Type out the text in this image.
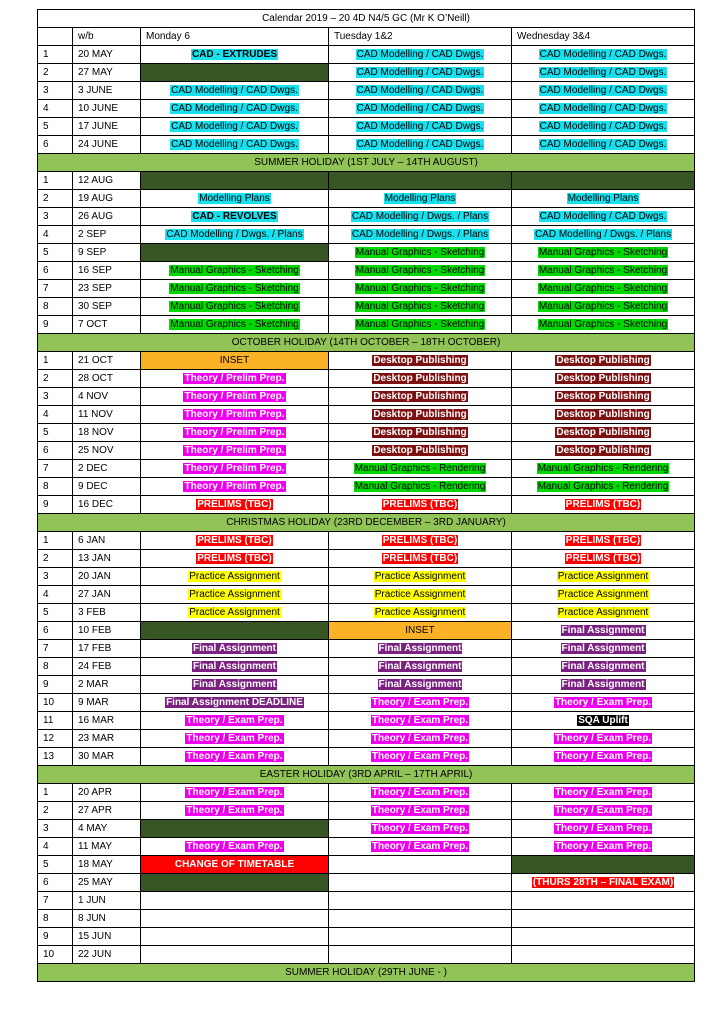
Calendar 2019 – 20 4D N4/5 GC (Mr K O’Neill)				
	w/b	Monday 6	Tuesday 1&2	Wednesday 3&4
1	20 MAY	CAD - EXTRUDES	CAD Modelling / CAD Dwgs.	CAD Modelling / CAD Dwgs.
2	27 MAY		CAD Modelling / CAD Dwgs.	CAD Modelling / CAD Dwgs.
3	3 JUNE	CAD Modelling / CAD Dwgs.	CAD Modelling / CAD Dwgs.	CAD Modelling / CAD Dwgs.
4	10 JUNE	CAD Modelling / CAD Dwgs.	CAD Modelling / CAD Dwgs.	CAD Modelling / CAD Dwgs.
5	17 JUNE	CAD Modelling / CAD Dwgs.	CAD Modelling / CAD Dwgs.	CAD Modelling / CAD Dwgs.
6	24 JUNE	CAD Modelling / CAD Dwgs.	CAD Modelling / CAD Dwgs.	CAD Modelling / CAD Dwgs.
SUMMER HOLIDAY (1ST JULY – 14TH AUGUST)				
1	12 AUG			
2	19 AUG	Modelling Plans	Modelling Plans	Modelling Plans
3	26 AUG	CAD - REVOLVES	CAD Modelling / Dwgs. / Plans	CAD Modelling / CAD Dwgs.
4	2 SEP	CAD Modelling / Dwgs. / Plans	CAD Modelling / Dwgs. / Plans	CAD Modelling / Dwgs. / Plans
5	9 SEP		Manual Graphics - Sketching	Manual Graphics - Sketching
6	16 SEP	Manual Graphics - Sketching	Manual Graphics - Sketching	Manual Graphics - Sketching
7	23 SEP	Manual Graphics - Sketching	Manual Graphics - Sketching	Manual Graphics - Sketching
8	30 SEP	Manual Graphics - Sketching	Manual Graphics - Sketching	Manual Graphics - Sketching
9	7 OCT	Manual Graphics - Sketching	Manual Graphics - Sketching	Manual Graphics - Sketching
OCTOBER HOLIDAY (14TH OCTOBER – 18TH OCTOBER)				
1	21 OCT	INSET	Desktop Publishing	Desktop Publishing
2	28 OCT	Theory / Prelim Prep.	Desktop Publishing	Desktop Publishing
3	4 NOV	Theory / Prelim Prep.	Desktop Publishing	Desktop Publishing
4	11 NOV	Theory / Prelim Prep.	Desktop Publishing	Desktop Publishing
5	18 NOV	Theory / Prelim Prep.	Desktop Publishing	Desktop Publishing
6	25 NOV	Theory / Prelim Prep.	Desktop Publishing	Desktop Publishing
7	2 DEC	Theory / Prelim Prep.	Manual Graphics - Rendering	Manual Graphics - Rendering
8	9 DEC	Theory / Prelim Prep.	Manual Graphics - Rendering	Manual Graphics - Rendering
9	16 DEC	PRELIMS (TBC)	PRELIMS (TBC)	PRELIMS (TBC)
CHRISTMAS HOLIDAY (23RD DECEMBER – 3RD JANUARY)				
1	6 JAN	PRELIMS (TBC)	PRELIMS (TBC)	PRELIMS (TBC)
2	13 JAN	PRELIMS (TBC)	PRELIMS (TBC)	PRELIMS (TBC)
3	20 JAN	Practice Assignment	Practice Assignment	Practice Assignment
4	27 JAN	Practice Assignment	Practice Assignment	Practice Assignment
5	3 FEB	Practice Assignment	Practice Assignment	Practice Assignment
6	10 FEB		INSET	Final Assignment
7	17 FEB	Final Assignment	Final Assignment	Final Assignment
8	24 FEB	Final Assignment	Final Assignment	Final Assignment
9	2 MAR	Final Assignment	Final Assignment	Final Assignment
10	9 MAR	Final Assignment DEADLINE	Theory / Exam Prep.	Theory / Exam Prep.
11	16 MAR	Theory / Exam Prep.	Theory / Exam Prep.	SQA Uplift
12	23 MAR	Theory / Exam Prep.	Theory / Exam Prep.	Theory / Exam Prep.
13	30 MAR	Theory / Exam Prep.	Theory / Exam Prep.	Theory / Exam Prep.
EASTER HOLIDAY (3RD APRIL – 17TH APRIL)				
1	20 APR	Theory / Exam Prep.	Theory / Exam Prep.	Theory / Exam Prep.
2	27 APR	Theory / Exam Prep.	Theory / Exam Prep.	Theory / Exam Prep.
3	4 MAY		Theory / Exam Prep.	Theory / Exam Prep.
4	11 MAY	Theory / Exam Prep.	Theory / Exam Prep.	Theory / Exam Prep.
5	18 MAY	CHANGE OF TIMETABLE		
6	25 MAY			(THURS 28TH – FINAL EXAM)
7	1 JUN			
8	8 JUN			
9	15 JUN			
10	22 JUN			
SUMMER HOLIDAY (29TH JUNE - )				
